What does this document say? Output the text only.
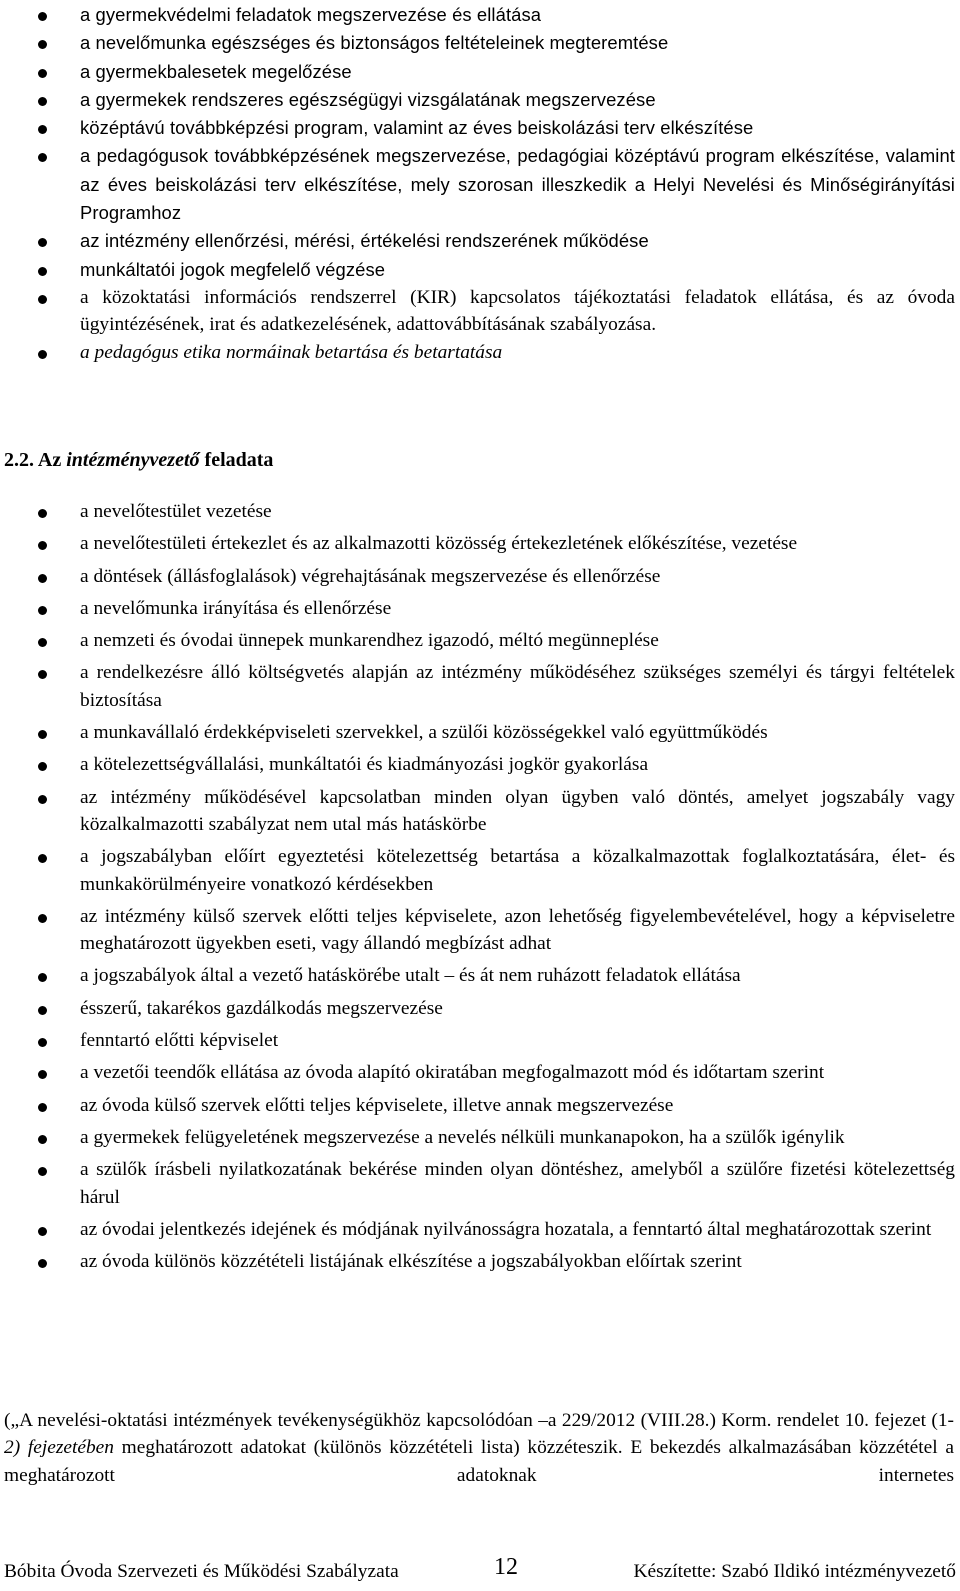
a gyermekvédelmi feladatok megszervezése és ellátása
a nevelőmunka egészséges és biztonságos feltételeinek megteremtése
a gyermekbalesetek megelőzése
a gyermekek rendszeres egészségügyi vizsgálatának megszervezése
középtávú továbbképzési program, valamint az éves beiskolázási terv elkészítése
a pedagógusok továbbképzésének megszervezése, pedagógiai középtávú program elkészítése, valamint az éves beiskolázási terv elkészítése, mely szorosan illeszkedik a Helyi Nevelési és Minőségirányítási Programhoz
az intézmény ellenőrzési, mérési, értékelési rendszerének működése
munkáltatói jogok megfelelő végzése
a közoktatási információs rendszerrel (KIR) kapcsolatos tájékoztatási feladatok ellátása, és az óvoda ügyintézésének, irat és adatkezelésének, adattovábbításának szabályozása.
a pedagógus etika normáinak betartása és betartatása
2.2. Az intézményvezető feladata
a nevelőtestület vezetése
a nevelőtestületi értekezlet és az alkalmazotti közösség értekezletének előkészítése, vezetése
a döntések (állásfoglalások) végrehajtásának megszervezése és ellenőrzése
a nevelőmunka irányítása és ellenőrzése
a nemzeti és óvodai ünnepek munkarendhez igazodó, méltó megünneplése
a rendelkezésre álló költségvetés alapján az intézmény működéséhez szükséges személyi és tárgyi feltételek biztosítása
a munkavállaló érdekképviseleti szervekkel, a szülői közösségekkel való együttműködés
a kötelezettségvállalási, munkáltatói és kiadmányozási jogkör gyakorlása
az intézmény működésével kapcsolatban minden olyan ügyben való döntés, amelyet jogszabály vagy közalkalmazotti szabályzat nem utal más hatáskörbe
a jogszabályban előírt egyeztetési kötelezettség betartása a közalkalmazottak foglalkoztatására, élet- és munkakörülményeire vonatkozó kérdésekben
az intézmény külső szervek előtti teljes képviselete, azon lehetőség figyelembevételével, hogy a képviseletre meghatározott ügyekben eseti, vagy állandó megbízást adhat
a jogszabályok által a vezető hatáskörébe utalt – és át nem ruházott feladatok ellátása
ésszerű, takarékos gazdálkodás megszervezése
fenntartó előtti képviselet
a vezetői teendők ellátása az óvoda alapító okiratában megfogalmazott mód és időtartam szerint
az óvoda külső szervek előtti teljes képviselete, illetve annak megszervezése
a gyermekek felügyeletének megszervezése a nevelés nélküli munkanapokon, ha a szülők igénylik
a szülők írásbeli nyilatkozatának bekérése minden olyan döntéshez, amelyből a szülőre fizetési kötelezettség hárul
az óvodai jelentkezés idejének és módjának nyilvánosságra hozatala, a fenntartó által meghatározottak szerint
az óvoda különös közzétételi listájának elkészítése a jogszabályokban előírtak szerint

(„A nevelési-oktatási intézmények tevékenységükhöz kapcsolódóan –a 229/2012 (VIII.28.) Korm. rendelet 10. fejezet (1-2) fejezetében meghatározott adatokat (különös közzétételi lista) közzéteszik. E bekezdés alkalmazásában közzététel a meghatározott adatoknak internetes

Bóbita Óvoda Szervezeti és Működési Szabályzata	12	Készítette: Szabó Ildikó intézményvezető
